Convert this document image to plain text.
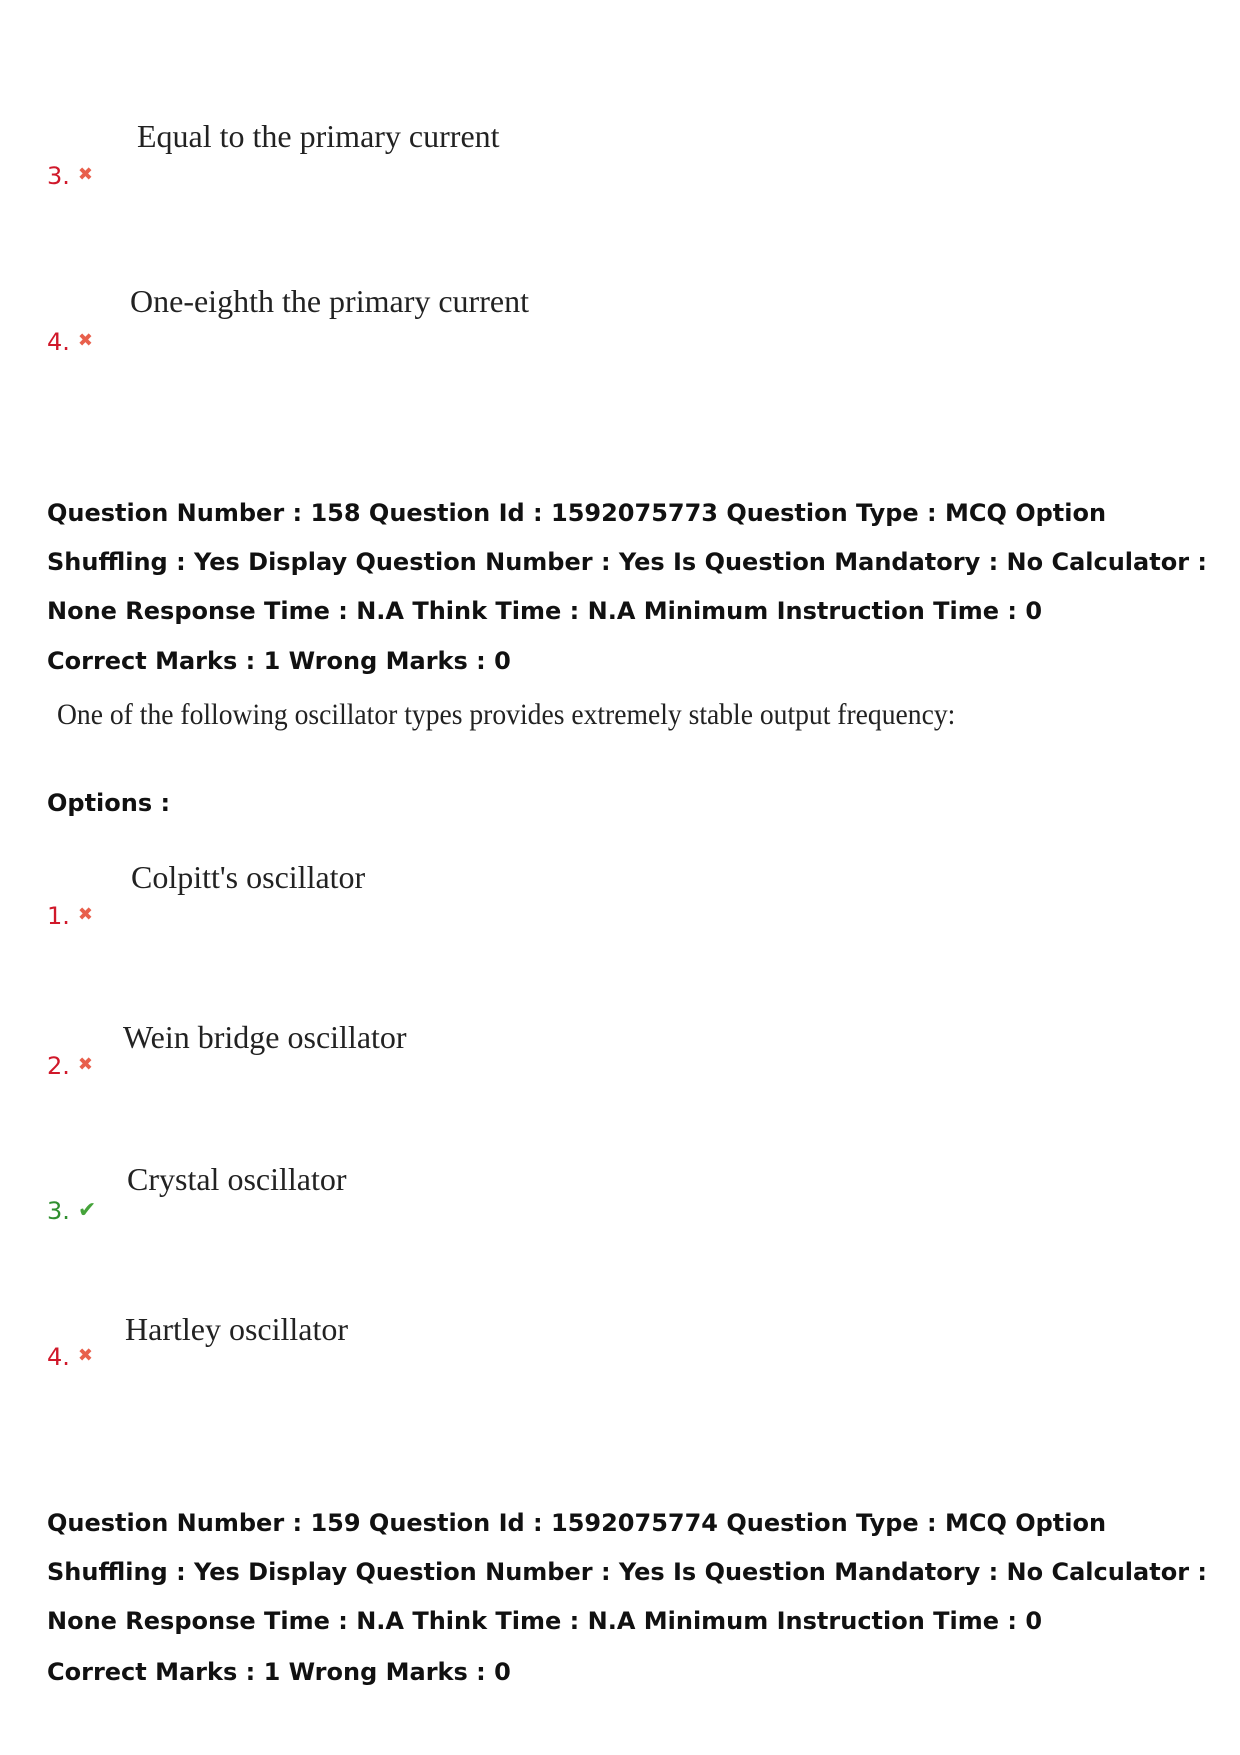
Equal to the primary current
3. ✖
One-eighth the primary current
4. ✖
Question Number : 158 Question Id : 1592075773 Question Type : MCQ Option Shuffling : Yes Display Question Number : Yes Is Question Mandatory : No Calculator : None Response Time : N.A Think Time : N.A Minimum Instruction Time : 0
Correct Marks : 1 Wrong Marks : 0
One of the following oscillator types provides extremely stable output frequency:
Options :
Colpitt's oscillator
1. ✖
Wein bridge oscillator
2. ✖
Crystal oscillator
3. ✔
Hartley oscillator
4. ✖
Question Number : 159 Question Id : 1592075774 Question Type : MCQ Option Shuffling : Yes Display Question Number : Yes Is Question Mandatory : No Calculator : None Response Time : N.A Think Time : N.A Minimum Instruction Time : 0
Correct Marks : 1 Wrong Marks : 0
